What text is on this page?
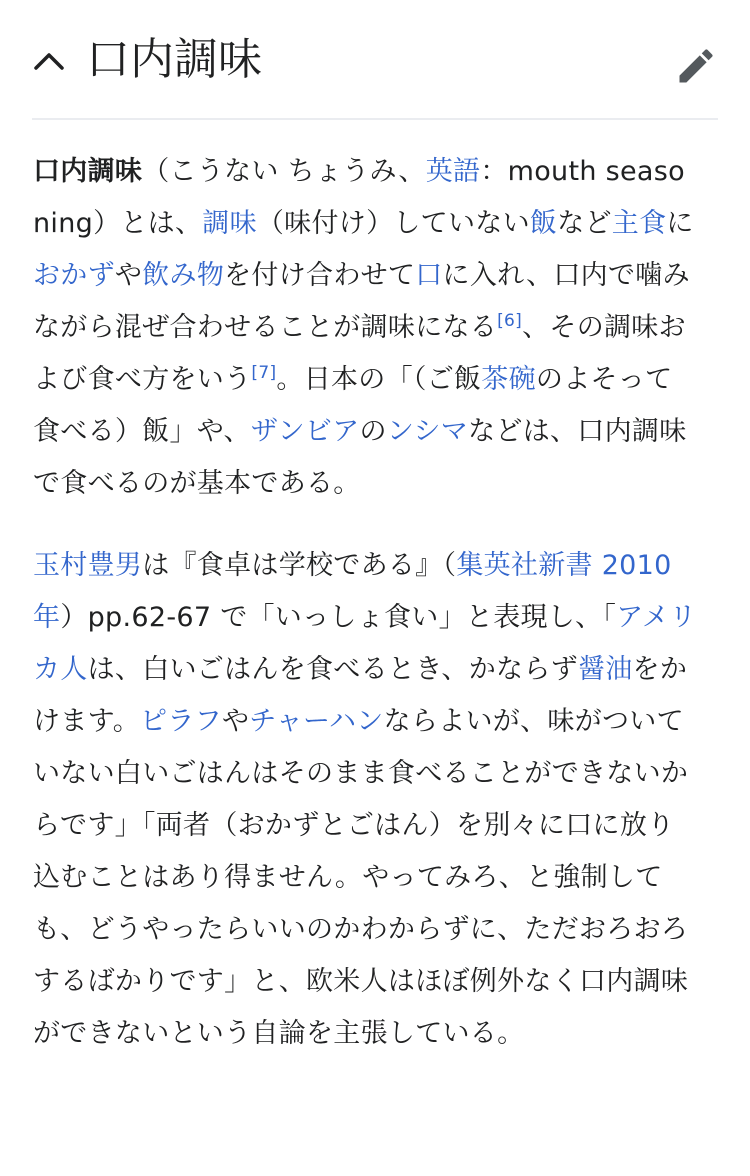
口内調味

口内調味（こうない ちょうみ、英語：mouth seasoning）とは、調味（味付け）していない飯など主食におかずや飲み物を付け合わせて口に入れ、口内で噛みながら混ぜ合わせることが調味になる[6]、その調味および食べ方をいう[7]。日本の「（ご飯茶碗のよそって食べる）飯」や、ザンビアのンシマなどは、口内調味で食べるのが基本である。

玉村豊男は『食卓は学校である』（集英社新書 2010年）pp.62-67 で「いっしょ食い」と表現し、「アメリカ人は、白いごはんを食べるとき、かならず醤油をかけます。ピラフやチャーハンならよいが、味がついていない白いごはんはそのまま食べることができないからです」「両者（おかずとごはん）を別々に口に放り込むことはあり得ません。やってみろ、と強制しても、どうやったらいいのかわからずに、ただおろおろするばかりです」と、欧米人はほぼ例外なく口内調味ができないという自論を主張している。
